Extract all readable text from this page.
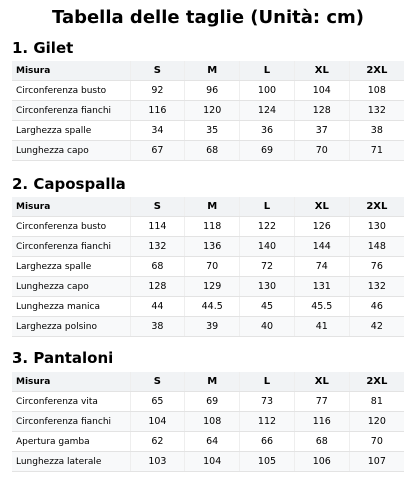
Tabella delle taglie (Unità: cm)
1. Gilet
Misura	S	M	L	XL	2XL
Circonferenza busto	92	96	100	104	108
Circonferenza fianchi	116	120	124	128	132
Larghezza spalle	34	35	36	37	38
Lunghezza capo	67	68	69	70	71
2. Capospalla
Misura	S	M	L	XL	2XL
Circonferenza busto	114	118	122	126	130
Circonferenza fianchi	132	136	140	144	148
Larghezza spalle	68	70	72	74	76
Lunghezza capo	128	129	130	131	132
Lunghezza manica	44	44.5	45	45.5	46
Larghezza polsino	38	39	40	41	42
3. Pantaloni
Misura	S	M	L	XL	2XL
Circonferenza vita	65	69	73	77	81
Circonferenza fianchi	104	108	112	116	120
Apertura gamba	62	64	66	68	70
Lunghezza laterale	103	104	105	106	107
